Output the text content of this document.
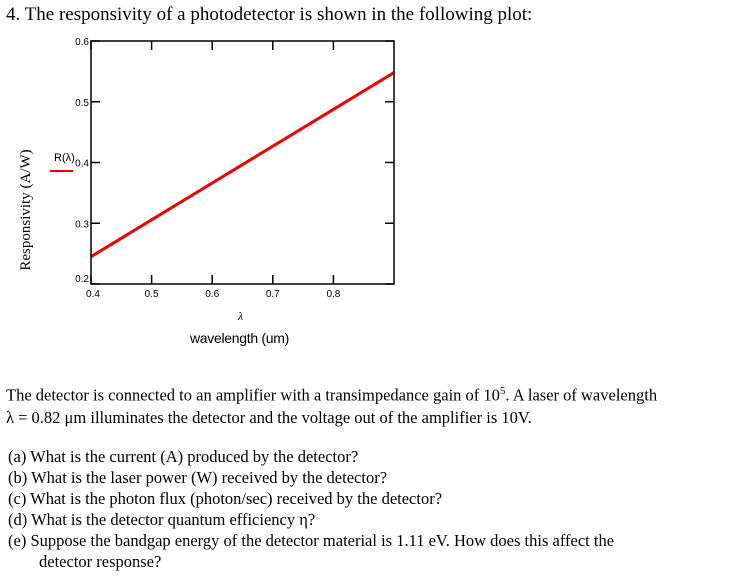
4. The responsivity of a photodetector is shown in the following plot:
Responsivity (A/W) R(λ)
0.4	0.5	0.6	0.7	0.8
0.2
0.3
0.4
0.5
0.6
λ
wavelength (um)
The detector is connected to an amplifier with a transimpedance gain of $10^5$. A laser of wavelength
λ = 0.82 μm illuminates the detector and the voltage out of the amplifier is 10V.
(a) What is the current (A) produced by the detector?
(b) What is the laser power (W) received by the detector?
(c) What is the photon flux (photon/sec) received by the detector?
(d) What is the detector quantum efficiency η?
(e) Suppose the bandgap energy of the detector material is 1.11 eV. How does this affect the
detector response?
